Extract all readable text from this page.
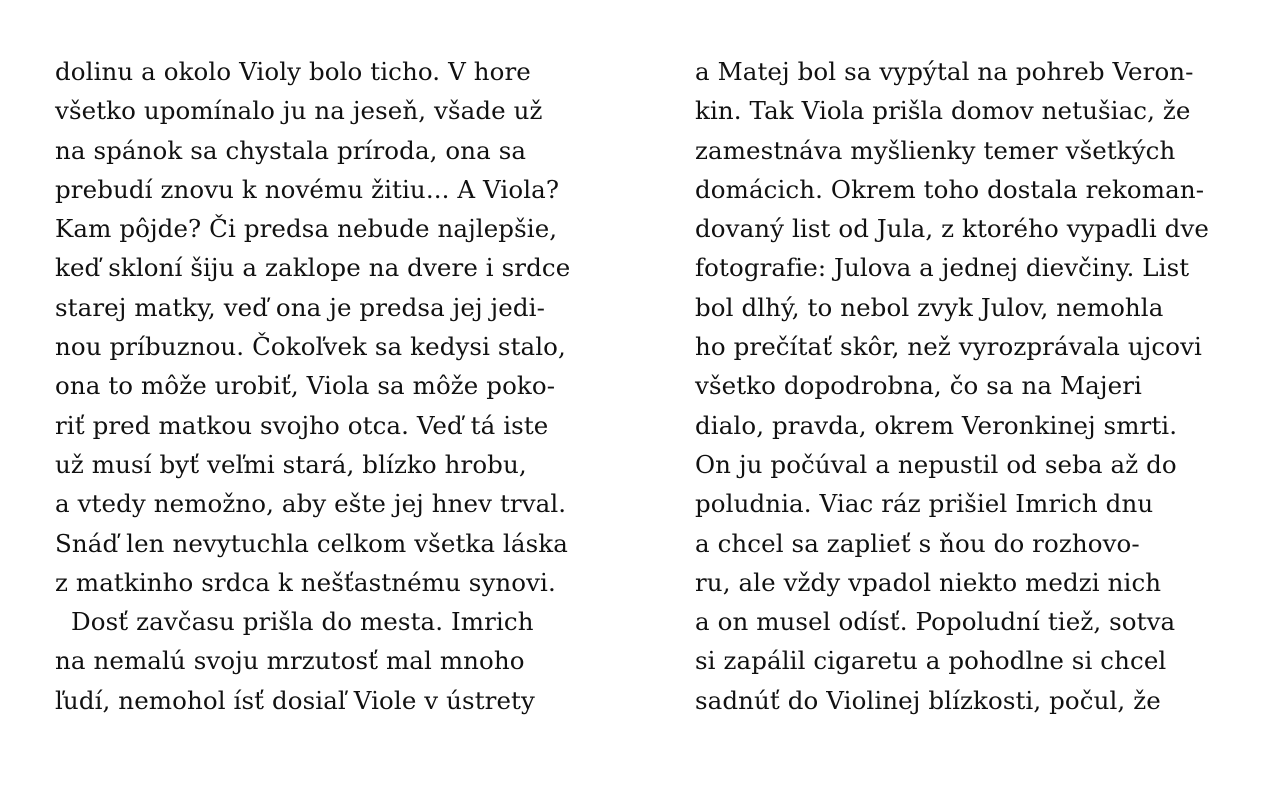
dolinu a okolo Violy bolo ticho. V hore
všetko upomínalo ju na jeseň, všade už
na spánok sa chystala príroda, ona sa
prebudí znovu k novému žitiu... A Viola?
Kam pôjde? Či predsa nebude najlepšie,
keď skloní šiju a zaklope na dvere i srdce
starej matky, veď ona je predsa jej jedi-
nou príbuznou. Čokoľvek sa kedysi stalo,
ona to môže urobiť, Viola sa môže poko-
riť pred matkou svojho otca. Veď tá iste
už musí byť veľmi stará, blízko hrobu,
a vtedy nemožno, aby ešte jej hnev trval.
Snáď len nevytuchla celkom všetka láska
z matkinho srdca k nešťastnému synovi.
Dosť zavčasu prišla do mesta. Imrich
na nemalú svoju mrzutosť mal mnoho
ľudí, nemohol ísť dosiaľ Viole v ústrety
a Matej bol sa vypýtal na pohreb Veron-
kin. Tak Viola prišla domov netušiac, že
zamestnáva myšlienky temer všetkých
domácich. Okrem toho dostala rekoman-
dovaný list od Jula, z ktorého vypadli dve
fotografie: Julova a jednej dievčiny. List
bol dlhý, to nebol zvyk Julov, nemohla
ho prečítať skôr, než vyrozprávala ujcovi
všetko dopodrobna, čo sa na Majeri
dialo, pravda, okrem Veronkinej smrti.
On ju počúval a nepustil od seba až do
poludnia. Viac ráz prišiel Imrich dnu
a chcel sa zaplieť s ňou do rozhovo-
ru, ale vždy vpadol niekto medzi nich
a on musel odísť. Popoludní tiež, sotva
si zapálil cigaretu a pohodlne si chcel
sadnúť do Violinej blízkosti, počul, že
